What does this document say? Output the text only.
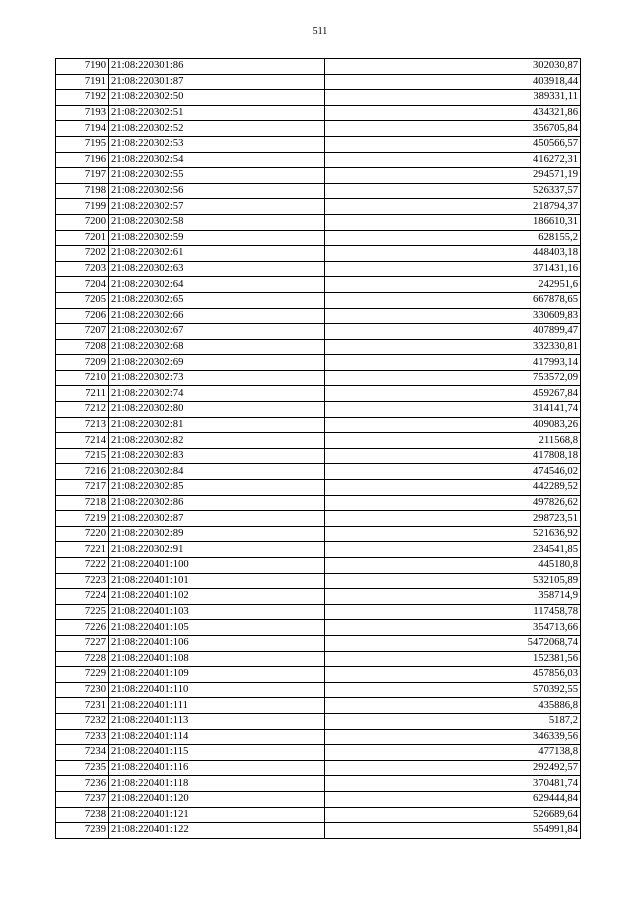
511
7190	21:08:220301:86	302030,87
7191	21:08:220301:87	403918,44
7192	21:08:220302:50	389331,11
7193	21:08:220302:51	434321,86
7194	21:08:220302:52	356705,84
7195	21:08:220302:53	450566,57
7196	21:08:220302:54	416272,31
7197	21:08:220302:55	294571,19
7198	21:08:220302:56	526337,57
7199	21:08:220302:57	218794,37
7200	21:08:220302:58	186610,31
7201	21:08:220302:59	628155,2
7202	21:08:220302:61	448403,18
7203	21:08:220302:63	371431,16
7204	21:08:220302:64	242951,6
7205	21:08:220302:65	667878,65
7206	21:08:220302:66	330609,83
7207	21:08:220302:67	407899,47
7208	21:08:220302:68	332330,81
7209	21:08:220302:69	417993,14
7210	21:08:220302:73	753572,09
7211	21:08:220302:74	459267,84
7212	21:08:220302:80	314141,74
7213	21:08:220302:81	409083,26
7214	21:08:220302:82	211568,8
7215	21:08:220302:83	417808,18
7216	21:08:220302:84	474546,02
7217	21:08:220302:85	442289,52
7218	21:08:220302:86	497826,62
7219	21:08:220302:87	298723,51
7220	21:08:220302:89	521636,92
7221	21:08:220302:91	234541,85
7222	21:08:220401:100	445180,8
7223	21:08:220401:101	532105,89
7224	21:08:220401:102	358714,9
7225	21:08:220401:103	117458,78
7226	21:08:220401:105	354713,66
7227	21:08:220401:106	5472068,74
7228	21:08:220401:108	152381,56
7229	21:08:220401:109	457856,03
7230	21:08:220401:110	570392,55
7231	21:08:220401:111	435886,8
7232	21:08:220401:113	5187,2
7233	21:08:220401:114	346339,56
7234	21:08:220401:115	477138,8
7235	21:08:220401:116	292492,57
7236	21:08:220401:118	370481,74
7237	21:08:220401:120	629444,84
7238	21:08:220401:121	526689,64
7239	21:08:220401:122	554991,84
